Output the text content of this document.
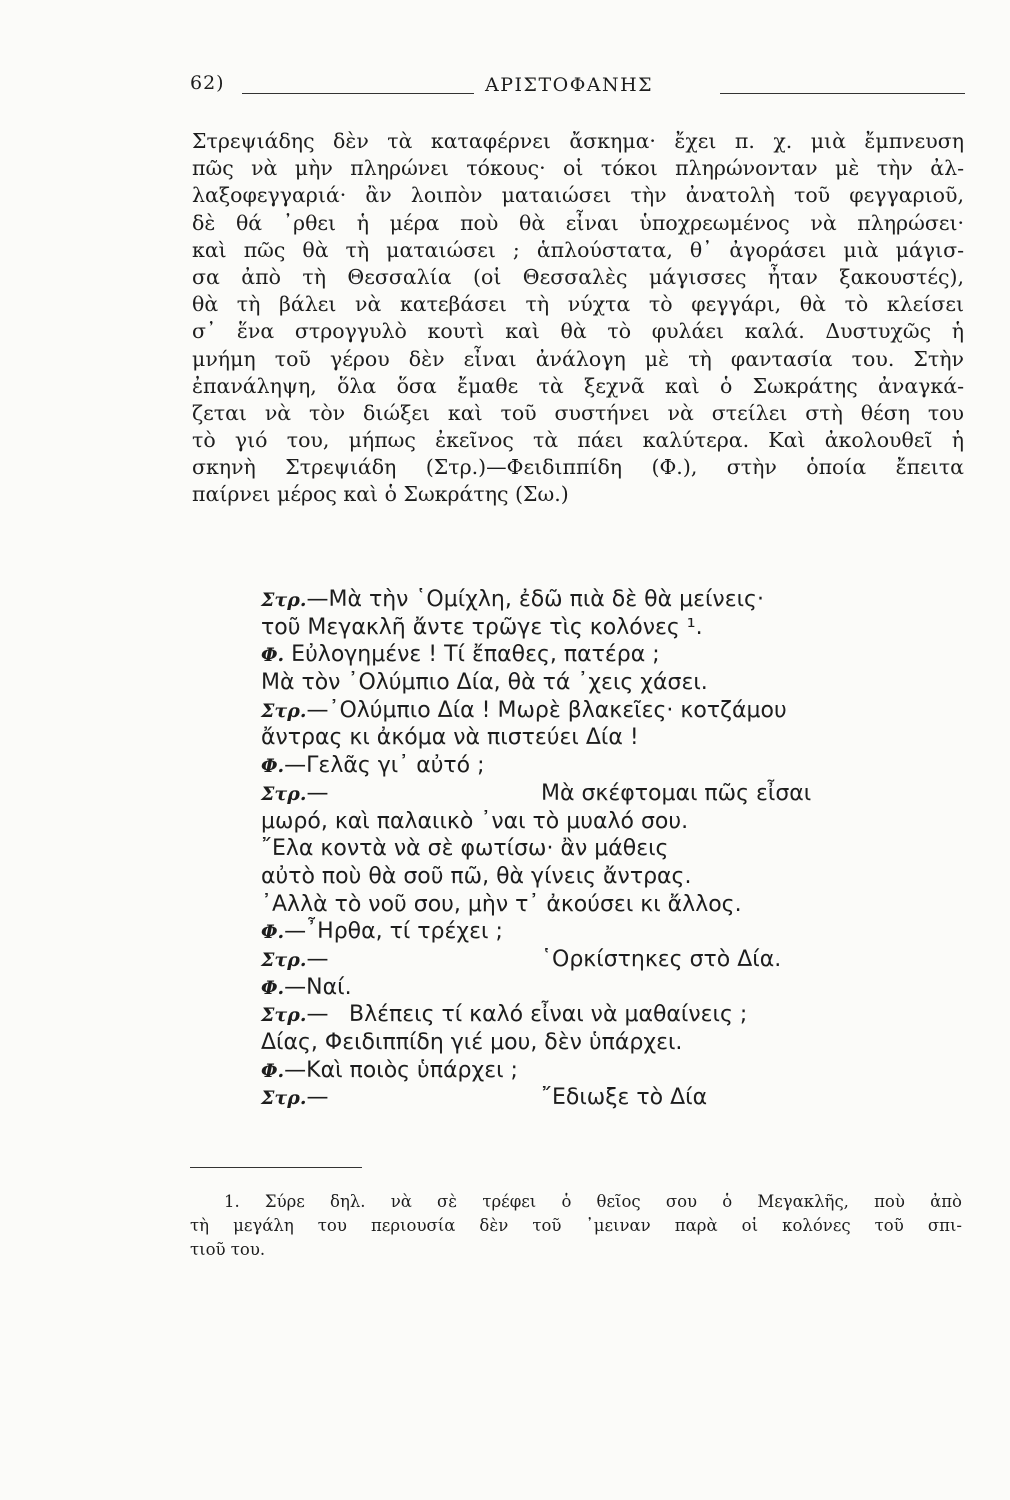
62)	ΑΡΙΣΤΟΦΑΝΗΣ
Στρεψιάδης δὲν τὰ καταφέρνει ἄσκημα· ἔχει π. χ. μιὰ ἔμπνευση
πῶς νὰ μὴν πληρώνει τόκους· οἱ τόκοι πληρώνονταν μὲ τὴν ἀλ-
λαξοφεγγαριά· ἂν λοιπὸν ματαιώσει τὴν ἀνατολὴ τοῦ φεγγαριοῦ,
δὲ θά ᾽ρθει ἡ μέρα ποὺ θὰ εἶναι ὑποχρεωμένος νὰ πληρώσει·
καὶ πῶς θὰ τὴ ματαιώσει ; ἁπλούστατα, θ᾽ ἀγοράσει μιὰ μάγισ-
σα ἀπὸ τὴ Θεσσαλία (οἱ Θεσσαλὲς μάγισσες ἦταν ξακουστές),
θὰ τὴ βάλει νὰ κατεβάσει τὴ νύχτα τὸ φεγγάρι, θὰ τὸ κλείσει
σ᾽ ἕνα στρογγυλὸ κουτὶ καὶ θὰ τὸ φυλάει καλά. Δυστυχῶς ἡ
μνήμη τοῦ γέρου δὲν εἶναι ἀνάλογη μὲ τὴ φαντασία του. Στὴν
ἐπανάληψη, ὅλα ὅσα ἔμαθε τὰ ξεχνᾶ καὶ ὁ Σωκράτης ἀναγκά-
ζεται νὰ τὸν διώξει καὶ τοῦ συστήνει νὰ στείλει στὴ θέση του
τὸ γιό του, μήπως ἐκεῖνος τὰ πάει καλύτερα. Καὶ ἀκολουθεῖ ἡ
σκηνὴ Στρεψιάδη (Στρ.)—Φειδιππίδη (Φ.), στὴν ὁποία ἔπειτα
παίρνει μέρος καὶ ὁ Σωκράτης (Σω.)
Στρ.—Μὰ τὴν ῾Ομίχλη, ἐδῶ πιὰ δὲ θὰ μείνεις·
τοῦ Μεγακλῆ ἄντε τρῶγε τὶς κολόνες ¹.
Φ. Εὐλογημένε ! Τί ἔπαθες, πατέρα ;
Μὰ τὸν ᾽Ολύμπιο Δία, θὰ τά ᾽χεις χάσει.
Στρ.—᾽Ολύμπιο Δία ! Μωρὲ βλακεῖες· κοτζάμου
ἄντρας κι ἀκόμα νὰ πιστεύει Δία !
Φ.—Γελᾶς γι᾽ αὐτό ;
Στρ.—	Μὰ σκέφτομαι πῶς εἶσαι
μωρό, καὶ παλαιικὸ ᾽ναι τὸ μυαλό σου.
῎Ελα κοντὰ νὰ σὲ φωτίσω· ἂν μάθεις
αὐτὸ ποὺ θὰ σοῦ πῶ, θὰ γίνεις ἄντρας.
᾽Αλλὰ τὸ νοῦ σου, μὴν τ᾽ ἀκούσει κι ἄλλος.
Φ.—῏Ηρθα, τί τρέχει ;
Στρ.—	῾Ορκίστηκες στὸ Δία.
Φ.—Ναί.
Στρ.— Βλέπεις τί καλό εἶναι νὰ μαθαίνεις ;
Δίας, Φειδιππίδη γιέ μου, δὲν ὑπάρχει.
Φ.—Καὶ ποιὸς ὑπάρχει ;
Στρ.—	῎Εδιωξε τὸ Δία
1. Σύρε δηλ. νὰ σὲ τρέφει ὁ θεῖος σου ὁ Μεγακλῆς, ποὺ ἀπὸ
τὴ μεγάλη του περιουσία δὲν τοῦ ᾽μειναν παρὰ οἱ κολόνες τοῦ σπι-
τιοῦ του.
